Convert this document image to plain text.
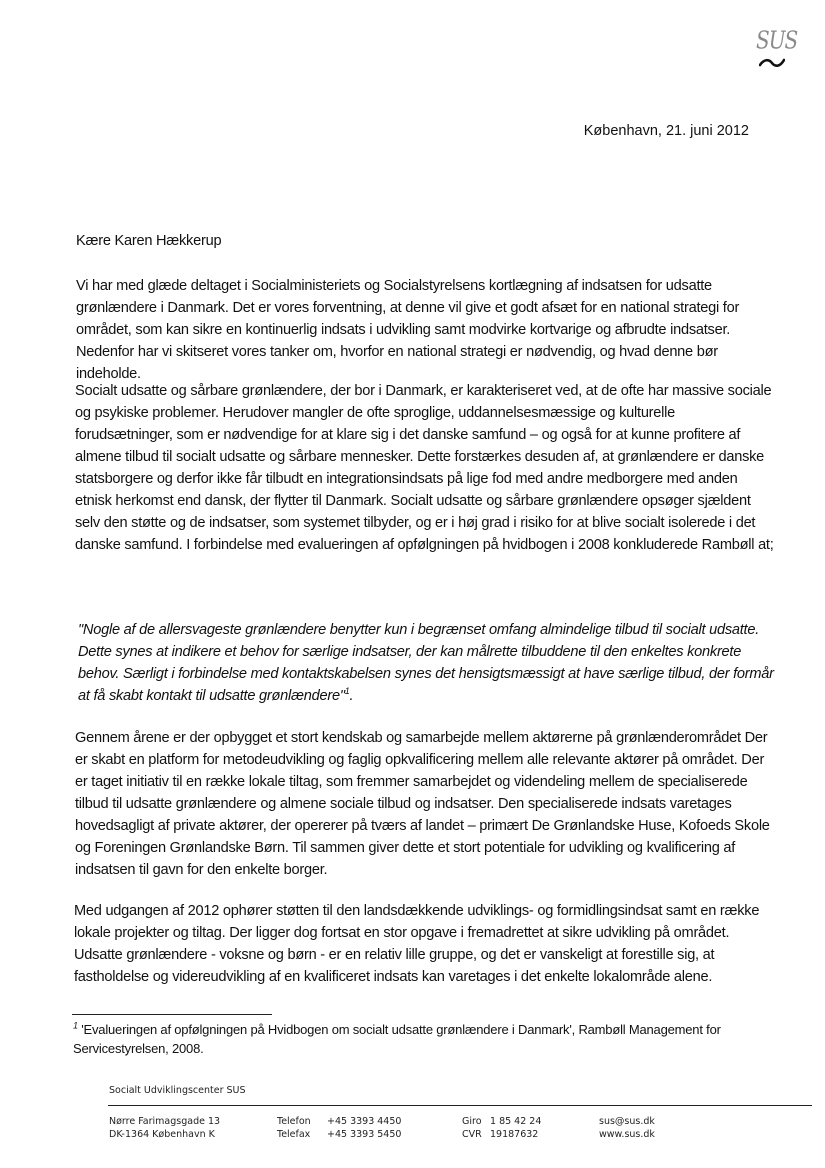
SUS
København, 21. juni 2012
Kære Karen Hækkerup
Vi har med glæde deltaget i Socialministeriets og Socialstyrelsens kortlægning af indsatsen for udsatte grønlændere i Danmark. Det er vores forventning, at denne vil give et godt afsæt for en national strategi for området, som kan sikre en kontinuerlig indsats i udvikling samt modvirke kortvarige og afbrudte indsatser. Nedenfor har vi skitseret vores tanker om, hvorfor en national strategi er nødvendig, og hvad denne bør indeholde.
Socialt udsatte og sårbare grønlændere, der bor i Danmark, er karakteriseret ved, at de ofte har massive sociale og psykiske problemer. Herudover mangler de ofte sproglige, uddannelsesmæssige og kulturelle forudsætninger, som er nødvendige for at klare sig i det danske samfund – og også for at kunne profitere af almene tilbud til socialt udsatte og sårbare mennesker. Dette forstærkes desuden af, at grønlændere er danske statsborgere og derfor ikke får tilbudt en integrationsindsats på lige fod med andre medborgere med anden etnisk herkomst end dansk, der flytter til Danmark. Socialt udsatte og sårbare grønlændere opsøger sjældent selv den støtte og de indsatser, som systemet tilbyder, og er i høj grad i risiko for at blive socialt isolerede i det danske samfund. I forbindelse med evalueringen af opfølgningen på hvidbogen i 2008 konkluderede Rambøll at;
"Nogle af de allersvageste grønlændere benytter kun i begrænset omfang almindelige tilbud til socialt udsatte. Dette synes at indikere et behov for særlige indsatser, der kan målrette tilbuddene til den enkeltes konkrete behov. Særligt i forbindelse med kontaktskabelsen synes det hensigtsmæssigt at have særlige tilbud, der formår at få skabt kontakt til udsatte grønlændere"$^1$.
Gennem årene er der opbygget et stort kendskab og samarbejde mellem aktørerne på grønlænderområdet Der er skabt en platform for metodeudvikling og faglig opkvalificering mellem alle relevante aktører på området. Der er taget initiativ til en række lokale tiltag, som fremmer samarbejdet og videndeling mellem de specialiserede tilbud til udsatte grønlændere og almene sociale tilbud og indsatser. Den specialiserede indsats varetages hovedsagligt af private aktører, der opererer på tværs af landet – primært De Grønlandske Huse, Kofoeds Skole og Foreningen Grønlandske Børn. Til sammen giver dette et stort potentiale for udvikling og kvalificering af indsatsen til gavn for den enkelte borger.
Med udgangen af 2012 ophører støtten til den landsdækkende udviklings- og formidlingsindsat samt en række lokale projekter og tiltag. Der ligger dog fortsat en stor opgave i fremadrettet at sikre udvikling på området. Udsatte grønlændere - voksne og børn - er en relativ lille gruppe, og det er vanskeligt at forestille sig, at fastholdelse og videreudvikling af en kvalificeret indsats kan varetages i det enkelte lokalområde alene.
$^1$ 'Evalueringen af opfølgningen på Hvidbogen om socialt udsatte grønlændere i Danmark', Rambøll Management for Servicestyrelsen, 2008.
Socialt Udviklingscenter SUS
Nørre Farimagsgade 13
DK-1364 København K
Telefon	+45 3393 4450
Telefax	+45 3393 5450
Giro 1 85 42 24
CVR 19187632
sus@sus.dk
www.sus.dk
